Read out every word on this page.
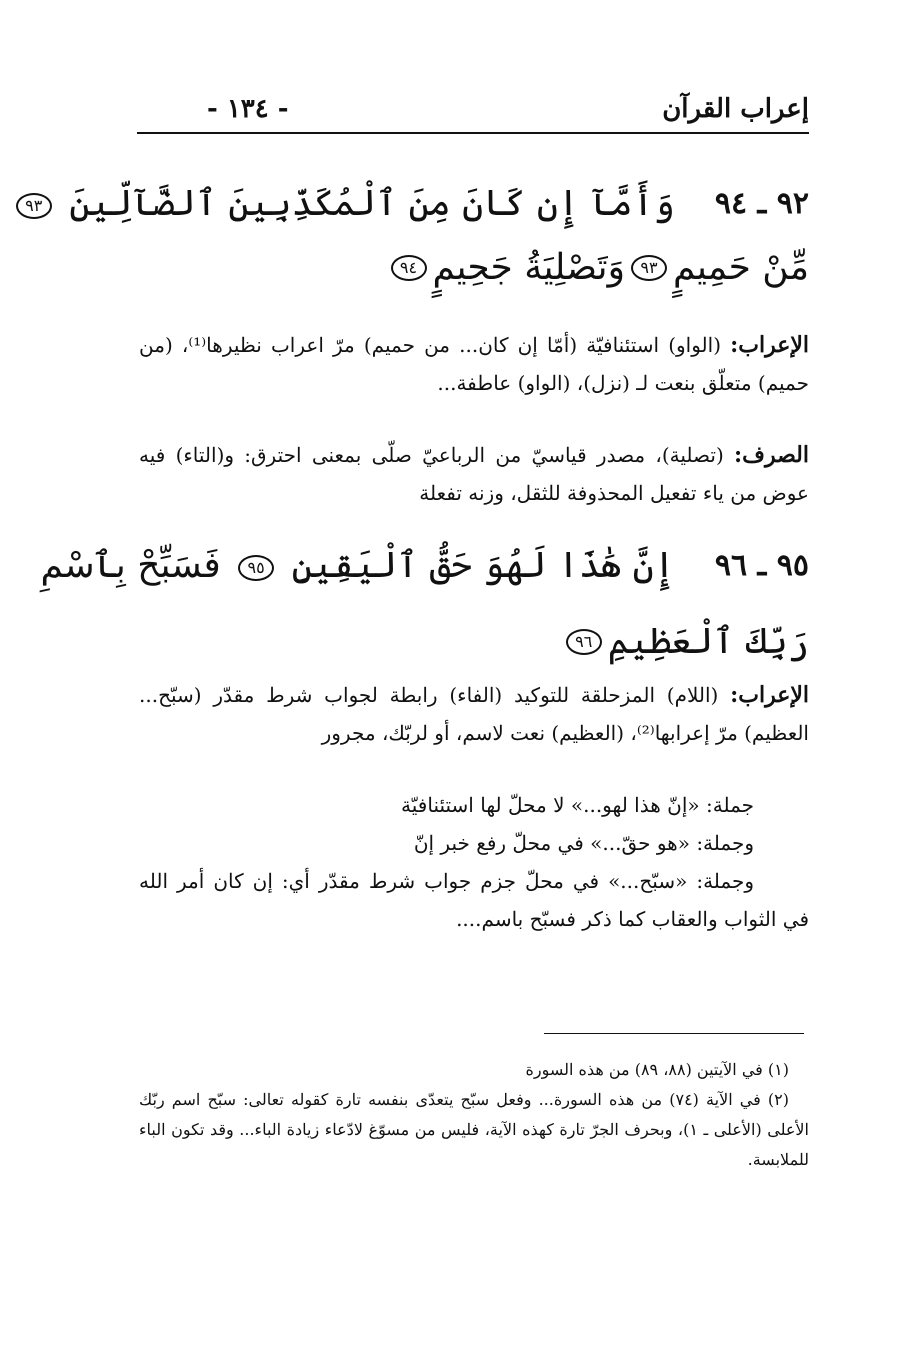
إعراب القرآن
- ١٣٤ -
٩٢ ـ ٩٤
وَأَمَّآ إِن كَانَ مِنَ ٱلْمُكَذِّبِينَ ٱلضَّآلِّينَ ٩٣
مِّنْ حَمِيمٍ
٩٣
وَتَصْلِيَةُ جَحِيمٍ
٩٤
الإعراب: (الواو) استئنافيّة (أمّا إن كان... من حميم) مرّ اعراب نظيرها⁽¹⁾، (من حميم) متعلّق بنعت لـ (نزل)، (الواو) عاطفة...
الصرف: (تصلية)، مصدر قياسيّ من الرباعيّ صلّى بمعنى احترق: و(التاء) فيه عوض من ياء تفعيل المحذوفة للثقل، وزنه تفعلة
٩٥ ـ ٩٦
إِنَّ هَٰذَا لَهُوَ حَقُّ ٱلْيَقِينِ ٩٥ فَسَبِّحْ بِٱسْمِ
رَبِّكَ ٱلْعَظِيمِ
٩٦
الإعراب: (اللام) المزحلقة للتوكيد (الفاء) رابطة لجواب شرط مقدّر (سبّح... العظيم) مرّ إعرابها⁽²⁾، (العظيم) نعت لاسم، أو لربّك، مجرور

جملة: «إنّ هذا لهو...» لا محلّ لها استئنافيّة

وجملة: «هو حقّ...» في محلّ رفع خبر إنّ

وجملة: «سبّح...» في محلّ جزم جواب شرط مقدّر أي: إن كان أمر الله في الثواب والعقاب كما ذكر فسبّح باسم....

(١) في الآيتين (٨٨، ٨٩) من هذه السورة

(٢) في الآية (٧٤) من هذه السورة... وفعل سبّح يتعدّى بنفسه تارة كقوله تعالى: سبّح اسم ربّك الأعلى (الأعلى ـ ١)، وبحرف الجرّ تارة كهذه الآية، فليس من مسوّغ لادّعاء زيادة الباء... وقد تكون الباء للملابسة.
